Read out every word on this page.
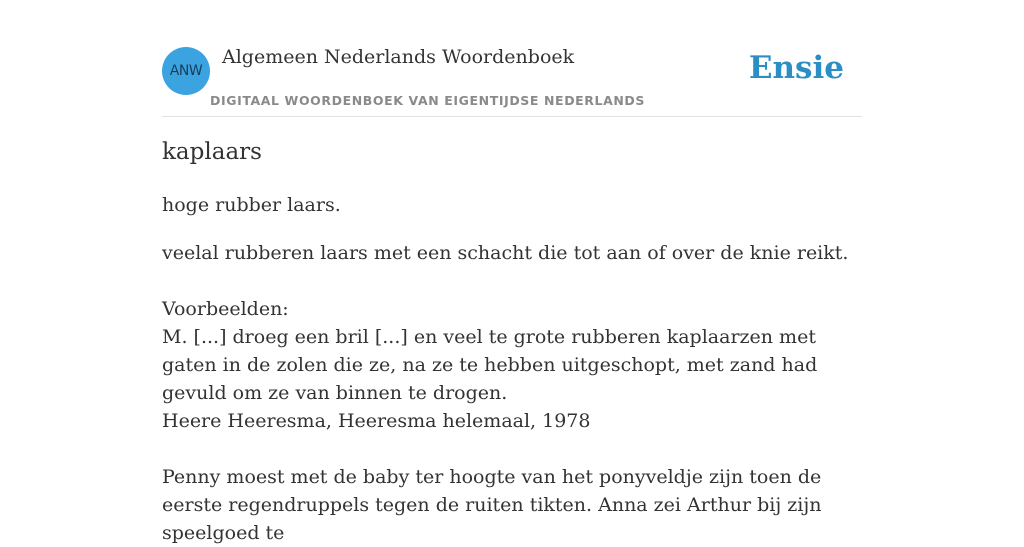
ANW
Algemeen Nederlands Woordenboek
DIGITAAL WOORDENBOEK VAN EIGENTIJDSE NEDERLANDS
Ensie
kaplaars
hoge rubber laars.

veelal rubberen laars met een schacht die tot aan of over de knie reikt.

Voorbeelden:

M. [...] droeg een bril [...] en veel te grote rubberen kaplaarzen met gaten in de zolen die ze, na ze te hebben uitgeschopt, met zand had gevuld om ze van binnen te drogen.

Heere Heeresma, Heeresma helemaal, 1978

Penny moest met de baby ter hoogte van het ponyveldje zijn toen de eerste regendruppels tegen de ruiten tikten. Anna zei Arthur bij zijn speelgoed te
